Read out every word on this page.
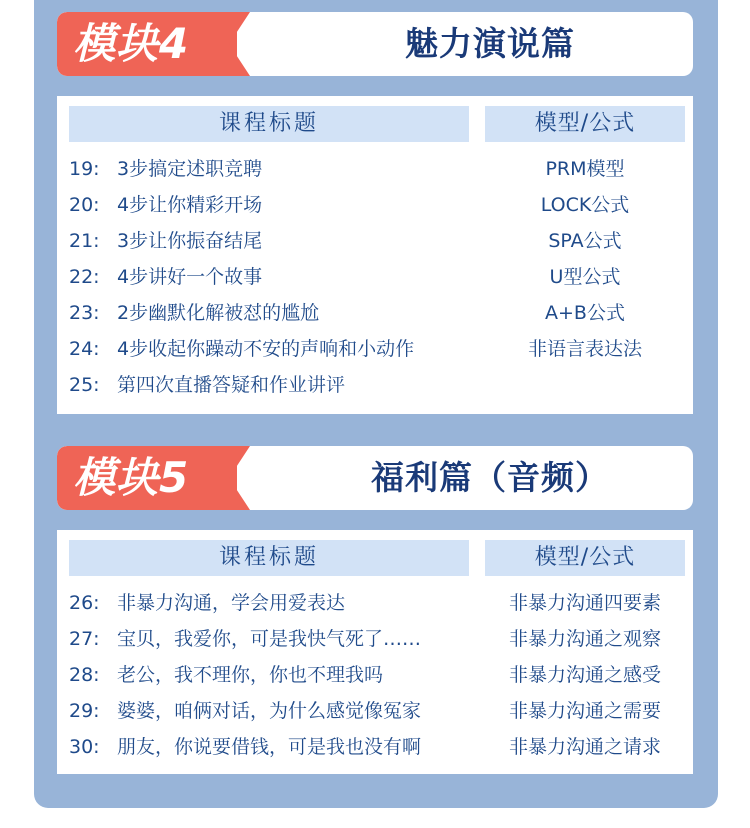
模块4	魅力演说篇
课程标题	模型/公式
19: 3步搞定述职竞聘	PRM模型
20: 4步让你精彩开场	LOCK公式
21: 3步让你振奋结尾	SPA公式
22: 4步讲好一个故事	U型公式
23: 2步幽默化解被怼的尴尬	A+B公式
24: 4步收起你躁动不安的声响和小动作	非语言表达法
25: 第四次直播答疑和作业讲评
模块5	福利篇（音频）
课程标题	模型/公式
26: 非暴力沟通，学会用爱表达	非暴力沟通四要素
27: 宝贝，我爱你，可是我快气死了……	非暴力沟通之观察
28: 老公，我不理你，你也不理我吗	非暴力沟通之感受
29: 婆婆，咱俩对话，为什么感觉像冤家	非暴力沟通之需要
30: 朋友，你说要借钱，可是我也没有啊	非暴力沟通之请求
